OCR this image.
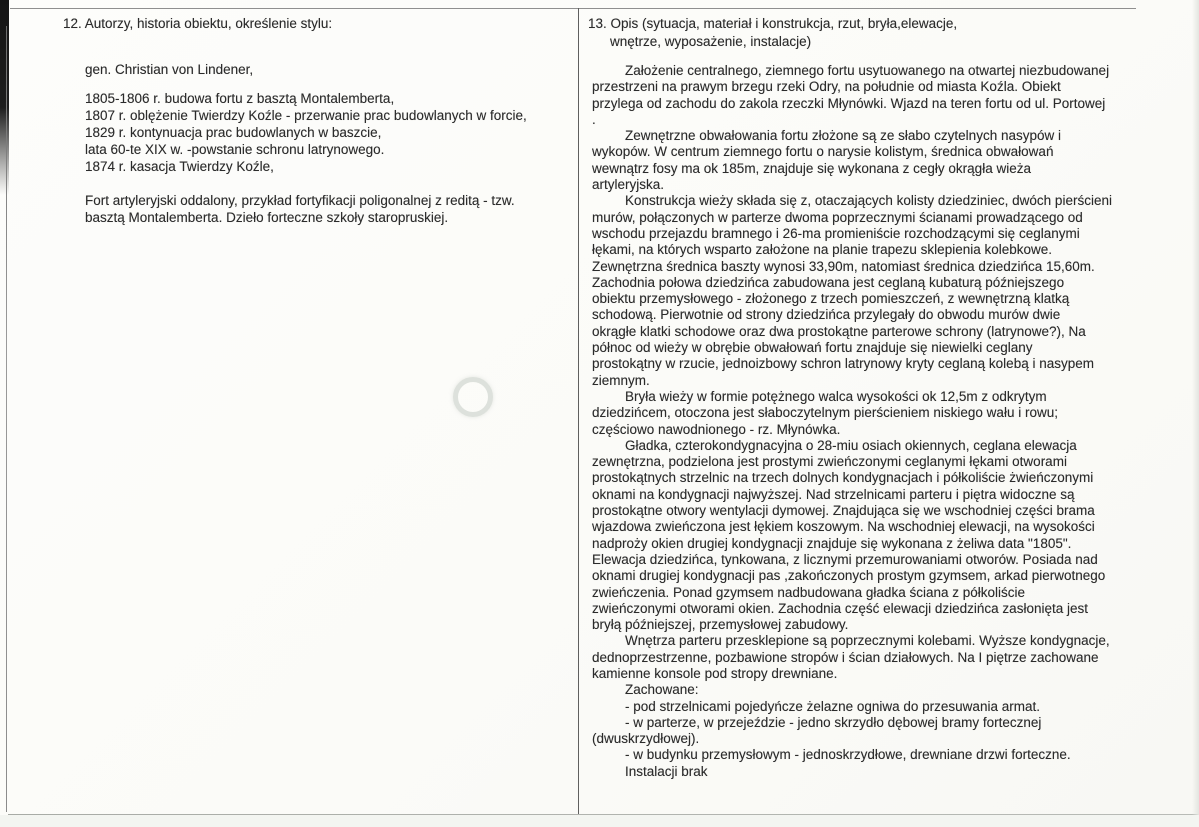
12. Autorzy, historia obiektu, określenie stylu:
gen. Christian von Lindener,
1805-1806 r. budowa fortu z basztą Montalemberta,
1807 r. oblężenie Twierdzy Koźle - przerwanie prac budowlanych w forcie,
1829 r. kontynuacja prac budowlanych w baszcie,
lata 60-te XIX w. -powstanie schronu latrynowego.
1874 r. kasacja Twierdzy Koźle,
Fort artyleryjski oddalony, przykład fortyfikacji poligonalnej z reditą - tzw.
basztą Montalemberta. Dzieło forteczne szkoły staropruskiej.
13. Opis (sytuacja, materiał i konstrukcja, rzut, bryła,elewacje,
wnętrze, wyposażenie, instalacje)
Założenie centralnego, ziemnego fortu usytuowanego na otwartej niezbudowanej
przestrzeni na prawym brzegu rzeki Odry, na południe od miasta Koźla. Obiekt
przylega od zachodu do zakola rzeczki Młynówki. Wjazd na teren fortu od ul. Portowej
.
Zewnętrzne obwałowania fortu złożone są ze słabo czytelnych nasypów i
wykopów. W centrum ziemnego fortu o narysie kolistym, średnica obwałowań
wewnątrz fosy ma ok 185m, znajduje się wykonana z cegły okrągła wieża
artyleryjska.
Konstrukcja wieży składa się z, otaczających kolisty dziedziniec, dwóch pierścieni
murów, połączonych w parterze dwoma poprzecznymi ścianami prowadzącego od
wschodu przejazdu bramnego i 26-ma promieniście rozchodzącymi się ceglanymi
łękami, na których wsparto założone na planie trapezu sklepienia kolebkowe.
Zewnętrzna średnica baszty wynosi 33,90m, natomiast średnica dziedzińca 15,60m.
Zachodnia połowa dziedzińca zabudowana jest ceglaną kubaturą późniejszego
obiektu przemysłowego - złożonego z trzech pomieszczeń, z wewnętrzną klatką
schodową. Pierwotnie od strony dziedzińca przylegały do obwodu murów dwie
okrągłe klatki schodowe oraz dwa prostokątne parterowe schrony (latrynowe?), Na
północ od wieży w obrębie obwałowań fortu znajduje się niewielki ceglany
prostokątny w rzucie, jednoizbowy schron latrynowy kryty ceglaną kolebą i nasypem
ziemnym.
Bryła wieży w formie potężnego walca wysokości ok 12,5m z odkrytym
dziedzińcem, otoczona jest słaboczytelnym pierścieniem niskiego wału i rowu;
częściowo nawodnionego - rz. Młynówka.
Gładka, czterokondygnacyjna o 28-miu osiach okiennych, ceglana elewacja
zewnętrzna, podzielona jest prostymi zwieńczonymi ceglanymi łękami otworami
prostokątnych strzelnic na trzech dolnych kondygnacjach i półkoliście żwieńczonymi
oknami na kondygnacji najwyższej. Nad strzelnicami parteru i piętra widoczne są
prostokątne otwory wentylacji dymowej. Znajdująca się we wschodniej części brama
wjazdowa zwieńczona jest łękiem koszowym. Na wschodniej elewacji, na wysokości
nadproży okien drugiej kondygnacji znajduje się wykonana z żeliwa data "1805".
Elewacja dziedzińca, tynkowana, z licznymi przemurowaniami otworów. Posiada nad
oknami drugiej kondygnacji pas ,zakończonych prostym gzymsem, arkad pierwotnego
zwieńczenia. Ponad gzymsem nadbudowana gładka ściana z półkoliście
zwieńczonymi otworami okien. Zachodnia część elewacji dziedzińca zasłonięta jest
bryłą późniejszej, przemysłowej zabudowy.
Wnętrza parteru przesklepione są poprzecznymi kolebami. Wyższe kondygnacje,
dednoprzestrzenne, pozbawione stropów i ścian działowych. Na I piętrze zachowane
kamienne konsole pod stropy drewniane.
Zachowane:
- pod strzelnicami pojedyńcze żelazne ogniwa do przesuwania armat.
- w parterze, w przejeździe - jedno skrzydło dębowej bramy fortecznej
(dwuskrzydłowej).
- w budynku przemysłowym - jednoskrzydłowe, drewniane drzwi forteczne.
Instalacji brak
